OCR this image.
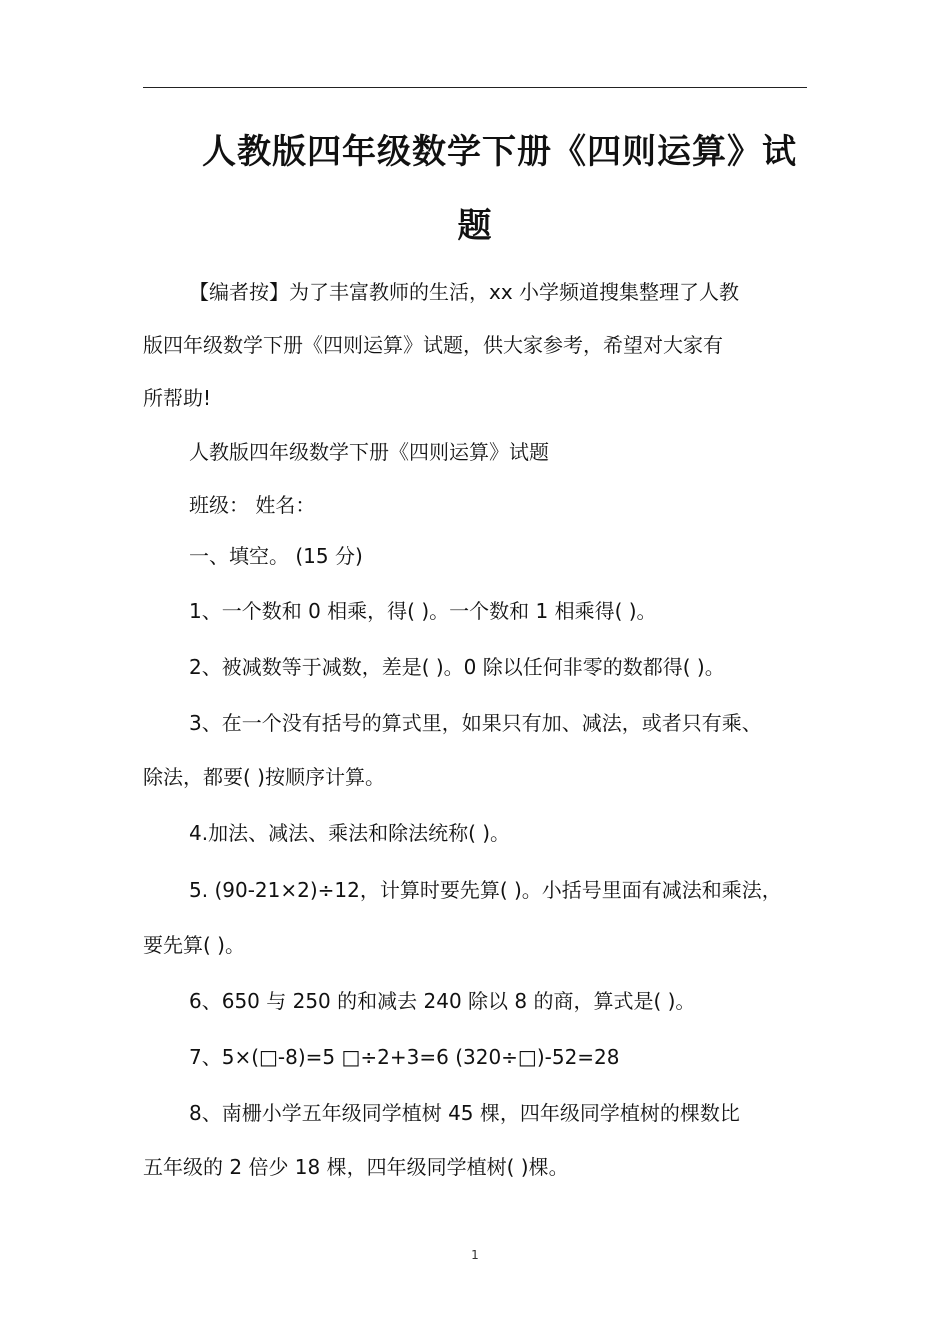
人教版四年级数学下册《四则运算》试
题
【编者按】为了丰富教师的生活，xx 小学频道搜集整理了人教
版四年级数学下册《四则运算》试题，供大家参考，希望对大家有
所帮助!
人教版四年级数学下册《四则运算》试题
班级： 姓名：
一、填空。 (15 分)
1、一个数和 0 相乘，得( )。一个数和 1 相乘得( )。
2、被减数等于减数，差是( )。0 除以任何非零的数都得( )。
3、在一个没有括号的算式里，如果只有加、减法，或者只有乘、
除法，都要( )按顺序计算。
4.加法、减法、乘法和除法统称( )。
5. (90-21×2)÷12，计算时要先算( )。小括号里面有减法和乘法，
要先算( )。
6、650 与 250 的和减去 240 除以 8 的商，算式是( )。
7、5×(□-8)=5 □÷2+3=6 (320÷□)-52=28
8、南栅小学五年级同学植树 45 棵，四年级同学植树的棵数比
五年级的 2 倍少 18 棵，四年级同学植树( )棵。
1
